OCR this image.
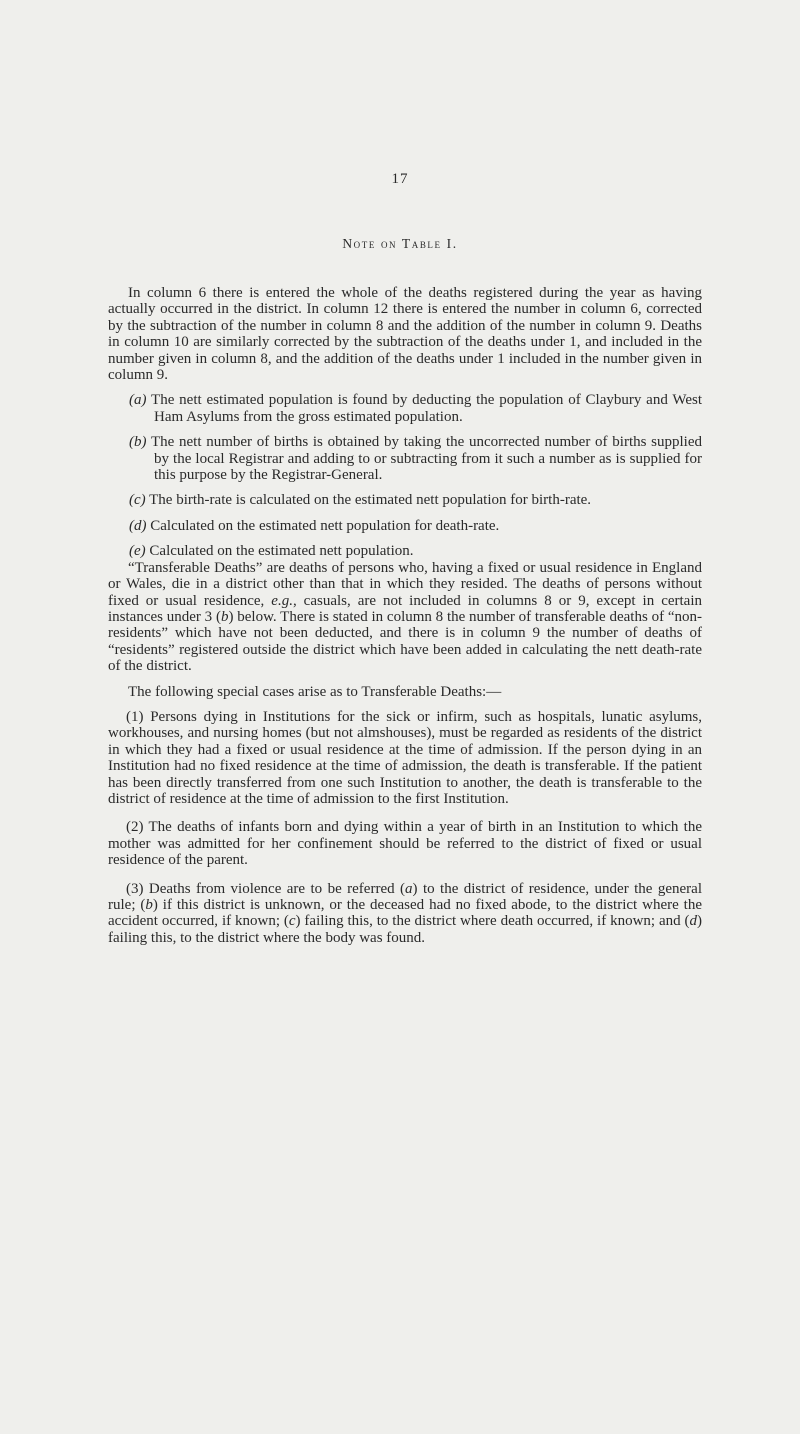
17
Note on Table I.

In column 6 there is entered the whole of the deaths registered during the year as having actually occurred in the district. In column 12 there is entered the number in column 6, corrected by the subtraction of the number in column 8 and the addition of the number in column 9. Deaths in column 10 are similarly corrected by the subtraction of the deaths under 1, and included in the number given in column 8, and the addition of the deaths under 1 included in the number given in column 9.

(a) The nett estimated population is found by deducting the population of Claybury and West Ham Asylums from the gross estimated population.

(b) The nett number of births is obtained by taking the uncorrected number of births supplied by the local Registrar and adding to or subtracting from it such a number as is supplied for this purpose by the Registrar-General.

(c) The birth-rate is calculated on the estimated nett population for birth-rate.

(d) Calculated on the estimated nett population for death-rate.

(e) Calculated on the estimated nett population.

“Transferable Deaths” are deaths of persons who, having a fixed or usual residence in England or Wales, die in a district other than that in which they resided. The deaths of persons without fixed or usual residence, e.g., casuals, are not included in columns 8 or 9, except in certain instances under 3 (b) below. There is stated in column 8 the number of transferable deaths of “non-residents” which have not been deducted, and there is in column 9 the number of deaths of “residents” registered outside the district which have been added in calculating the nett death-rate of the district.

The following special cases arise as to Transferable Deaths:—

(1) Persons dying in Institutions for the sick or infirm, such as hospitals, lunatic asylums, workhouses, and nursing homes (but not almshouses), must be regarded as residents of the district in which they had a fixed or usual residence at the time of admission. If the person dying in an Institution had no fixed residence at the time of admission, the death is transferable. If the patient has been directly transferred from one such Institution to another, the death is transferable to the district of residence at the time of admission to the first Institution.

(2) The deaths of infants born and dying within a year of birth in an Institution to which the mother was admitted for her confinement should be referred to the district of fixed or usual residence of the parent.

(3) Deaths from violence are to be referred (a) to the district of residence, under the general rule; (b) if this district is unknown, or the deceased had no fixed abode, to the district where the accident occurred, if known; (c) failing this, to the district where death occurred, if known; and (d) failing this, to the district where the body was found.
